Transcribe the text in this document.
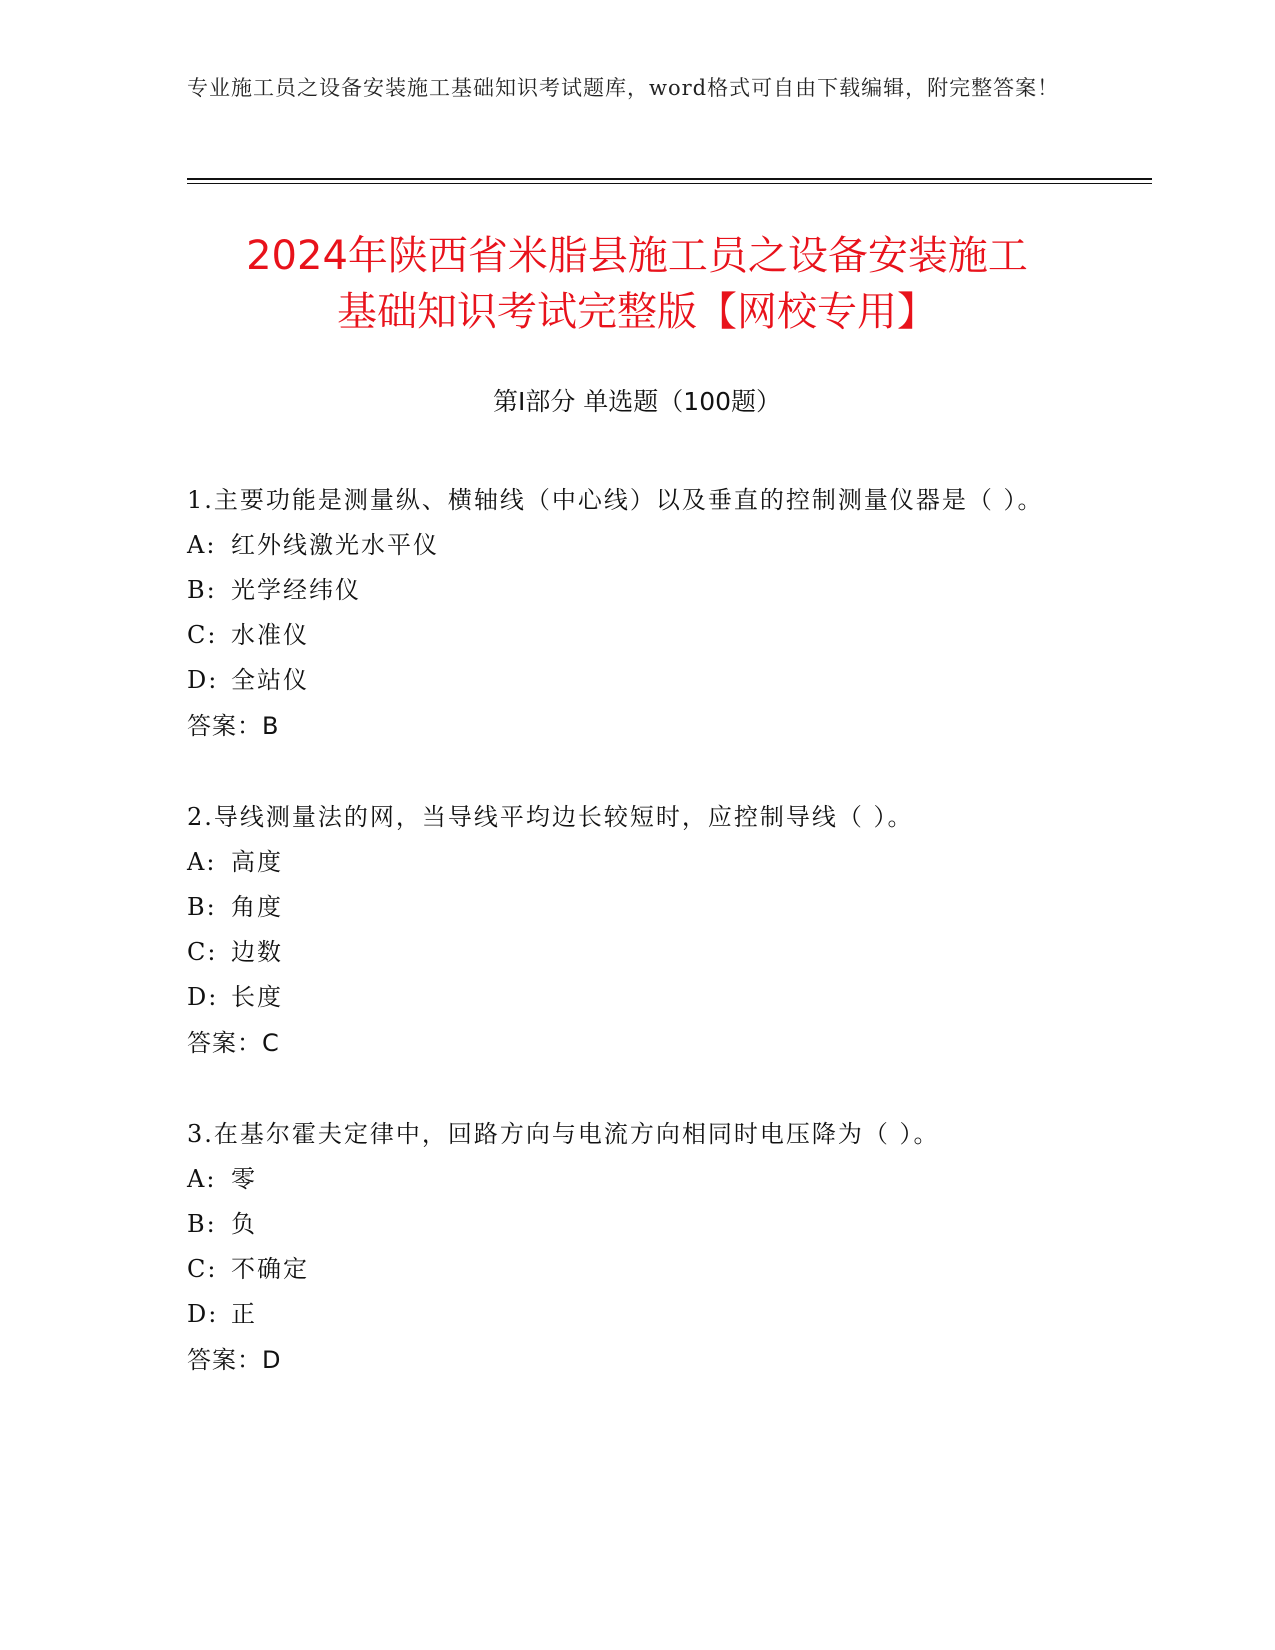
专业施工员之设备安装施工基础知识考试题库，word格式可自由下载编辑，附完整答案！
2024年陕西省米脂县施工员之设备安装施工
基础知识考试完整版【网校专用】
第I部分 单选题（100题）

1.主要功能是测量纵、横轴线（中心线）以及垂直的控制测量仪器是（ ）。

A: 红外线激光水平仪
B: 光学经纬仪
C: 水准仪
D: 全站仪
答案：B

2.导线测量法的网，当导线平均边长较短时，应控制导线（ ）。

A: 高度
B: 角度
C: 边数
D: 长度
答案：C

3.在基尔霍夫定律中，回路方向与电流方向相同时电压降为（ ）。

A: 零
B: 负
C: 不确定
D: 正
答案：D
